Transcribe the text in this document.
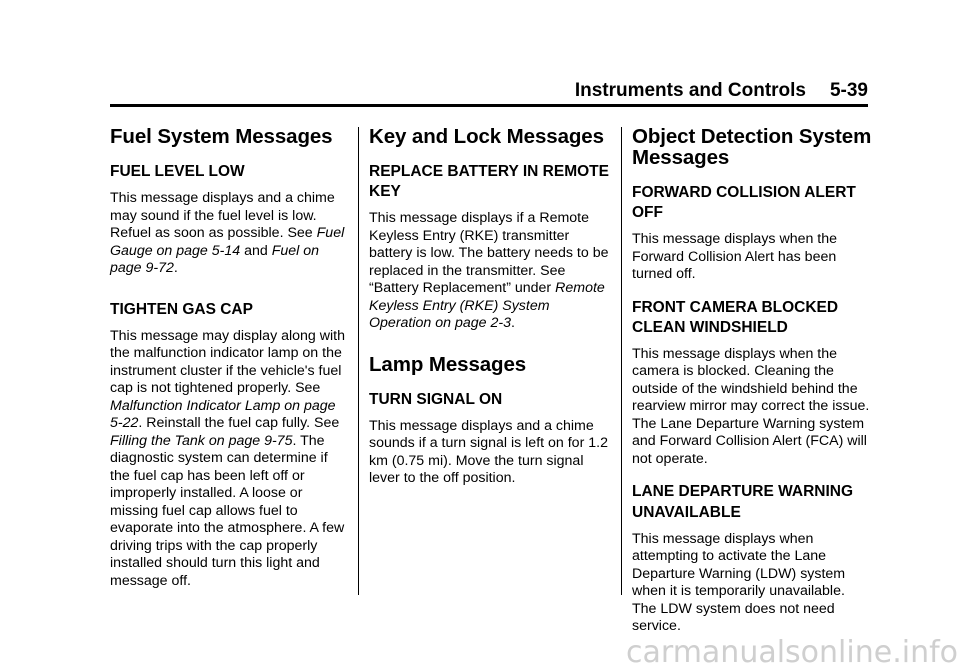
Instruments and Controls 5-39
Fuel System Messages
FUEL LEVEL LOW

This message displays and a chime may sound if the fuel level is low. Refuel as soon as possible. See Fuel Gauge on page 5-14 and Fuel on page 9-72.

TIGHTEN GAS CAP

This message may display along with the malfunction indicator lamp on the instrument cluster if the vehicle's fuel cap is not tightened properly. See Malfunction Indicator Lamp on page 5-22. Reinstall the fuel cap fully. See Filling the Tank on page 9-75. The diagnostic system can determine if the fuel cap has been left off or improperly installed. A loose or missing fuel cap allows fuel to evaporate into the atmosphere. A few driving trips with the cap properly installed should turn this light and message off.

Key and Lock Messages
REPLACE BATTERY IN REMOTE KEY

This message displays if a Remote Keyless Entry (RKE) transmitter battery is low. The battery needs to be replaced in the transmitter. See “Battery Replacement” under Remote Keyless Entry (RKE) System Operation on page 2-3.

Lamp Messages
TURN SIGNAL ON

This message displays and a chime sounds if a turn signal is left on for 1.2 km (0.75 mi). Move the turn signal lever to the off position.

Object Detection System Messages
FORWARD COLLISION ALERT OFF

This message displays when the Forward Collision Alert has been turned off.

FRONT CAMERA BLOCKED CLEAN WINDSHIELD

This message displays when the camera is blocked. Cleaning the outside of the windshield behind the rearview mirror may correct the issue. The Lane Departure Warning system and Forward Collision Alert (FCA) will not operate.

LANE DEPARTURE WARNING UNAVAILABLE

This message displays when attempting to activate the Lane Departure Warning (LDW) system when it is temporarily unavailable. The LDW system does not need service.

carmanualsonline.info
